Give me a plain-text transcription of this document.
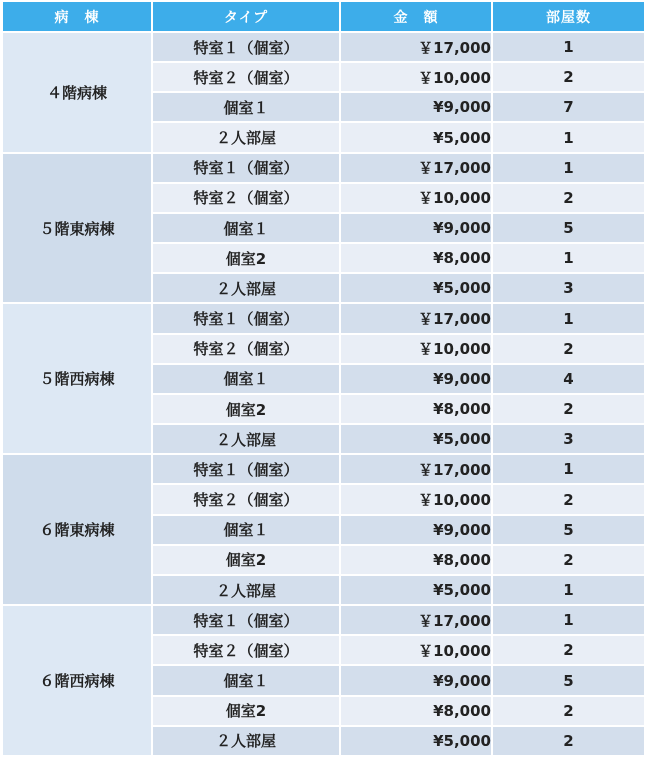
病　棟	タイプ	金　額	部屋数
４階病棟	特室１（個室）	￥17,000	1
	特室２（個室）	￥10,000	2
	個室１	¥9,000	7
	２人部屋	¥5,000	1
５階東病棟	特室１（個室）	￥17,000	1
	特室２（個室）	￥10,000	2
	個室１	¥9,000	5
	個室2	¥8,000	1
	２人部屋	¥5,000	3
５階西病棟	特室１（個室）	￥17,000	1
	特室２（個室）	￥10,000	2
	個室１	¥9,000	4
	個室2	¥8,000	2
	２人部屋	¥5,000	3
６階東病棟	特室１（個室）	￥17,000	1
	特室２（個室）	￥10,000	2
	個室１	¥9,000	5
	個室2	¥8,000	2
	２人部屋	¥5,000	1
６階西病棟	特室１（個室）	￥17,000	1
	特室２（個室）	￥10,000	2
	個室１	¥9,000	5
	個室2	¥8,000	2
	２人部屋	¥5,000	2
